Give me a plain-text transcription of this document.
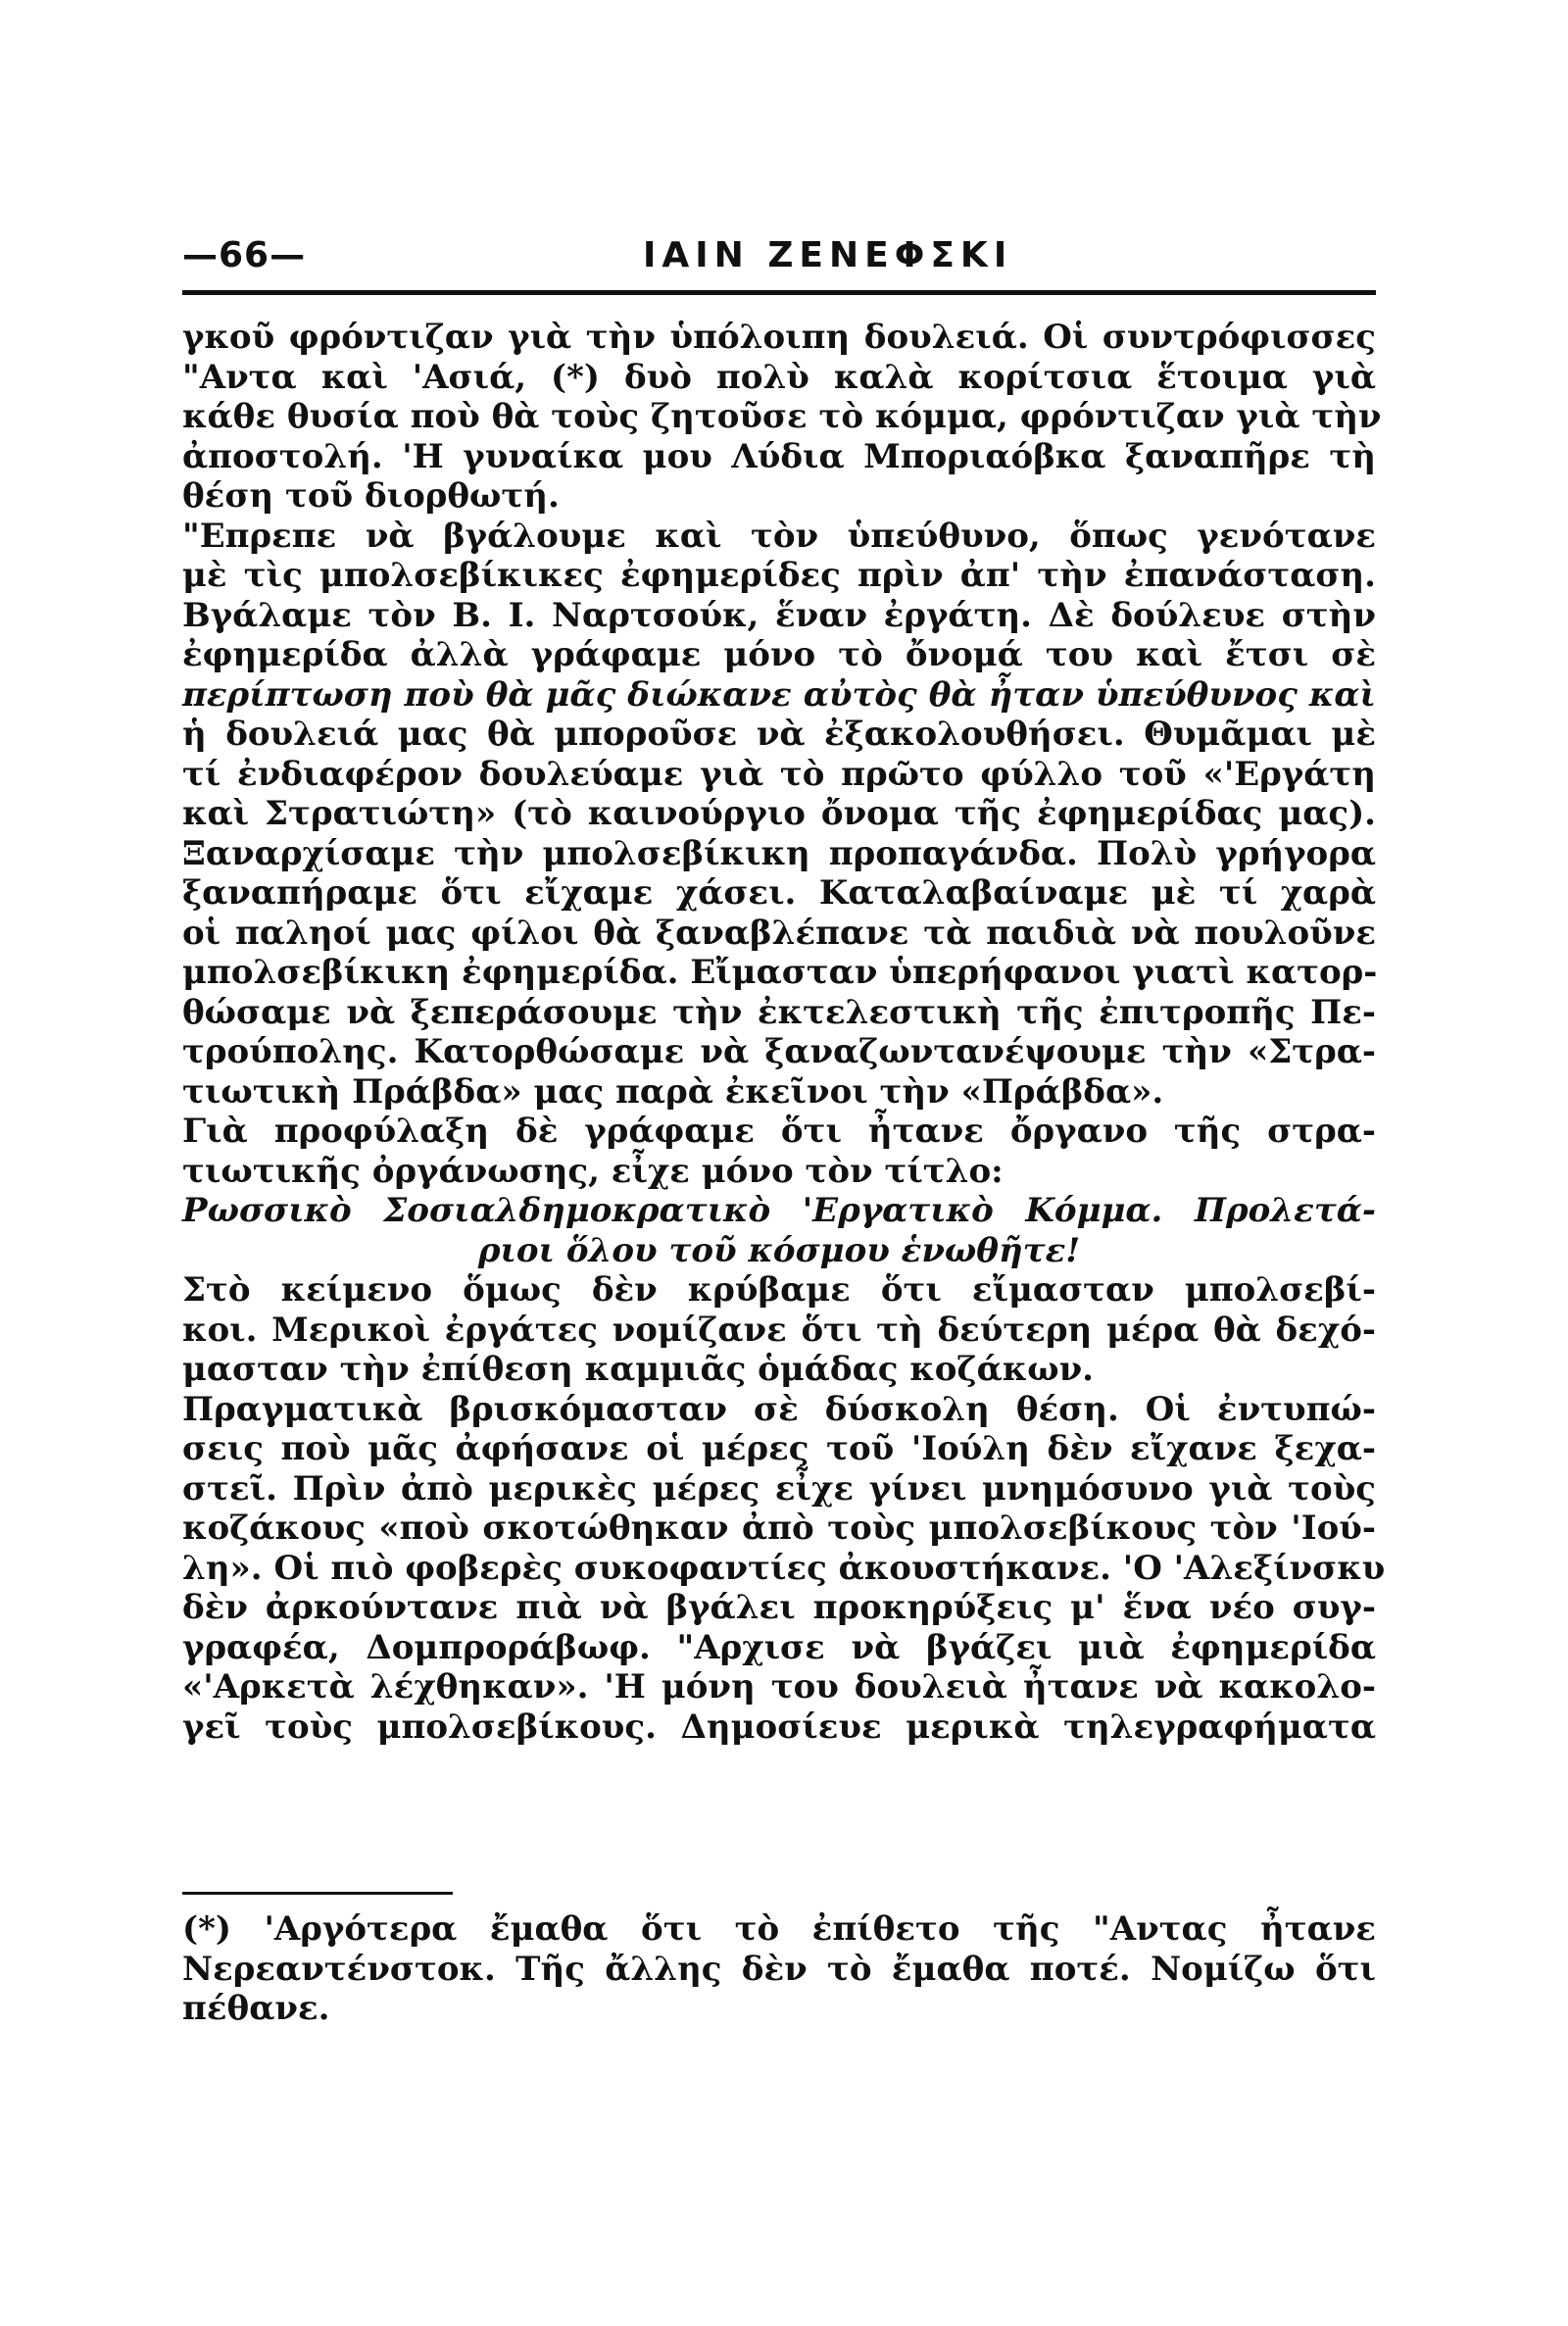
—66—	ΙΑΙΝ ΖΕΝΕΦΣΚΙ
γκοῦ φρόντιζαν γιὰ τὴν ὑπόλοιπη δουλειά. Οἱ συντρόφισσες
"Αντα καὶ 'Ασιά, (*) δυὸ πολὺ καλὰ κορίτσια ἕτοιμα γιὰ
κάθε θυσία ποὺ θὰ τοὺς ζητοῦσε τὸ κόμμα, φρόντιζαν γιὰ τὴν
ἀποστολή. 'Η γυναίκα μου Λύδια Μποριαόβκα ξαναπῆρε τὴ
θέση τοῦ διορθωτή.
"Επρεπε νὰ βγάλουμε καὶ τὸν ὑπεύθυνο, ὅπως γενότανε
μὲ τὶς μπολσεβίκικες ἐφημερίδες πρὶν ἀπ' τὴν ἐπανάσταση.
Βγάλαμε τὸν Β. Ι. Ναρτσούκ, ἕναν ἐργάτη. Δὲ δούλευε στὴν
ἐφημερίδα ἀλλὰ γράφαμε μόνο τὸ ὄνομά του καὶ ἔτσι σὲ
περίπτωση ποὺ θὰ μᾶς διώκανε αὐτὸς θὰ ἦταν ὑπεύθυνος καὶ
ἡ δουλειά μας θὰ μποροῦσε νὰ ἐξακολουθήσει. Θυμᾶμαι μὲ
τί ἐνδιαφέρον δουλεύαμε γιὰ τὸ πρῶτο φύλλο τοῦ «'Εργάτη
καὶ Στρατιώτη» (τὸ καινούργιο ὄνομα τῆς ἐφημερίδας μας).
Ξαναρχίσαμε τὴν μπολσεβίκικη προπαγάνδα. Πολὺ γρήγορα
ξαναπήραμε ὅτι εἴχαμε χάσει. Καταλαβαίναμε μὲ τί χαρὰ
οἱ παληοί μας φίλοι θὰ ξαναβλέπανε τὰ παιδιὰ νὰ πουλοῦνε
μπολσεβίκικη ἐφημερίδα. Εἴμασταν ὑπερήφανοι γιατὶ κατορ-
θώσαμε νὰ ξεπεράσουμε τὴν ἐκτελεστικὴ τῆς ἐπιτροπῆς Πε-
τρούπολης. Κατορθώσαμε νὰ ξαναζωντανέψουμε τὴν «Στρα-
τιωτικὴ Πράβδα» μας παρὰ ἐκεῖνοι τὴν «Πράβδα».
Γιὰ προφύλαξη δὲ γράφαμε ὅτι ἦτανε ὄργανο τῆς στρα-
τιωτικῆς ὀργάνωσης, εἶχε μόνο τὸν τίτλο:
Ρωσσικὸ Σοσιαλδημοκρατικὸ 'Εργατικὸ Κόμμα. Προλετά-
ριοι ὅλου τοῦ κόσμου ἑνωθῆτε!
Στὸ κείμενο ὅμως δὲν κρύβαμε ὅτι εἴμασταν μπολσεβί-
κοι. Μερικοὶ ἐργάτες νομίζανε ὅτι τὴ δεύτερη μέρα θὰ δεχό-
μασταν τὴν ἐπίθεση καμμιᾶς ὁμάδας κοζάκων.
Πραγματικὰ βρισκόμασταν σὲ δύσκολη θέση. Οἱ ἐντυπώ-
σεις ποὺ μᾶς ἀφήσανε οἱ μέρες τοῦ 'Ιούλη δὲν εἴχανε ξεχα-
στεῖ. Πρὶν ἀπὸ μερικὲς μέρες εἶχε γίνει μνημόσυνο γιὰ τοὺς
κοζάκους «ποὺ σκοτώθηκαν ἀπὸ τοὺς μπολσεβίκους τὸν 'Ιού-
λη». Οἱ πιὸ φοβερὲς συκοφαντίες ἀκουστήκανε. 'Ο 'Αλεξίνσκυ
δὲν ἀρκούντανε πιὰ νὰ βγάλει προκηρύξεις μ' ἕνα νέο συγ-
γραφέα, Δομπροράβωφ. "Αρχισε νὰ βγάζει μιὰ ἐφημερίδα
«'Αρκετὰ λέχθηκαν». 'Η μόνη του δουλειὰ ἦτανε νὰ κακολο-
γεῖ τοὺς μπολσεβίκους. Δημοσίευε μερικὰ τηλεγραφήματα
(*) 'Αργότερα ἔμαθα ὅτι τὸ ἐπίθετο τῆς "Αντας ἦτανε
Νερεαντένστοκ. Τῆς ἄλλης δὲν τὸ ἔμαθα ποτέ. Νομίζω ὅτι
πέθανε.
